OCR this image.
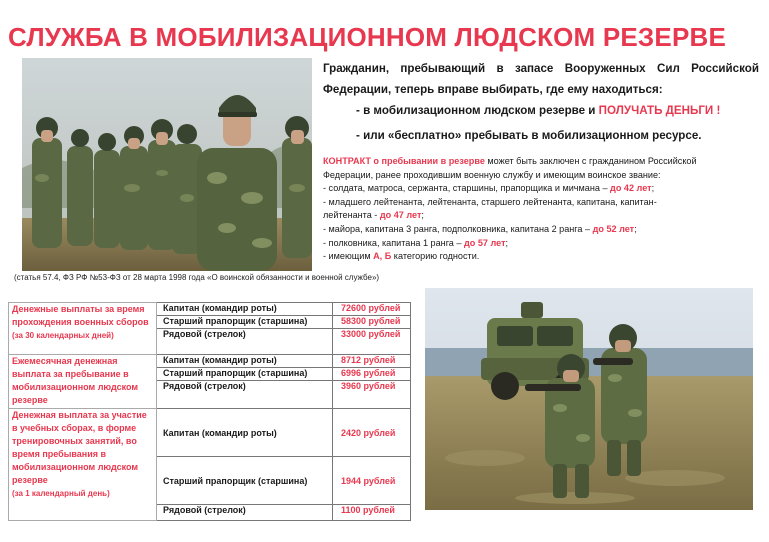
СЛУЖБА В МОБИЛИЗАЦИОННОМ ЛЮДСКОМ РЕЗЕРВЕ
(статья 57.4, ФЗ РФ №53-ФЗ от 28 марта 1998 года «О воинской обязанности и военной службе»)
Гражданин, пребывающий в запасе Вооруженных Сил Российской Федерации, теперь вправе выбирать, где ему находиться:
- в мобилизационном людском резерве и ПОЛУЧАТЬ ДЕНЬГИ !
- или «бесплатно» пребывать в мобилизационном ресурсе.
КОНТРАКТ о пребывании в резерве может быть заключен с гражданином Российской
Федерации, ранее проходившим военную службу и имеющим воинское звание:
- солдата, матроса, сержанта, старшины, прапорщика и мичмана – до 42 лет;
- младшего лейтенанта, лейтенанта, старшего лейтенанта, капитана, капитан-
лейтенанта - до 47 лет;
- майора, капитана 3 ранга, подполковника, капитана 2 ранга – до 52 лет;
- полковника, капитана 1 ранга – до 57 лет;
- имеющим А, Б категорию годности.
Денежные выплаты за время прохождения военных сборов
(за 30 календарных дней)	Капитан (командир роты)	72600 рублей
	Старший прапорщик (старшина)	58300 рублей
	Рядовой (стрелок)	33000 рублей
Ежемесячная денежная выплата за пребывание в мобилизационном людском резерве	Капитан (командир роты)	8712 рублей
	Старший прапорщик (старшина)	6996 рублей
	Рядовой (стрелок)	3960 рублей
Денежная выплата за участие в учебных сборах, в форме тренировочных занятий, во время пребывания в мобилизационном людском резерве
(за 1 календарный день)	Капитан (командир роты)	2420 рублей
	Старший прапорщик (старшина)	1944 рублей
	Рядовой (стрелок)	1100 рублей
